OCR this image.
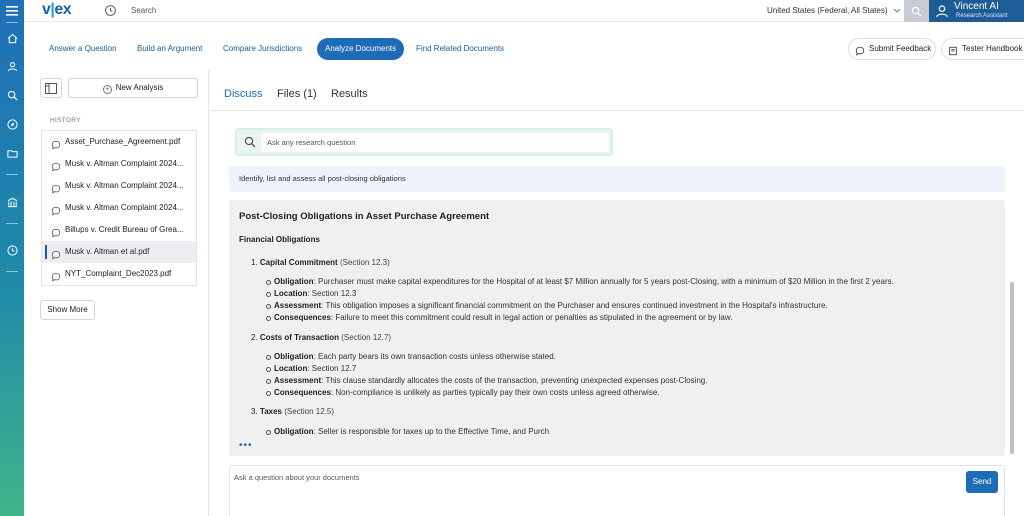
v|ex	Search	United States (Federal, All States)	Vincent AI
Research Assistant
Answer a Question	Build an Argument	Compare Jurisdictions	Analyze Documents	Find Related Documents	Submit Feedback	Tester Handbook
+ New Analysis
HISTORY
Asset_Purchase_Agreement.pdf
Musk v. Altman Complaint 2024...
Musk v. Altman Complaint 2024...
Musk v. Altman Complaint 2024...
Billups v. Credit Bureau of Grea...
Musk v. Altman et al.pdf
NYT_Complaint_Dec2023.pdf
Show More
Discuss Files (1) Results
Ask any research question
Identify, list and assess all post-closing obligations
Post-Closing Obligations in Asset Purchase Agreement
Financial Obligations
1. Capital Commitment (Section 12.3)
Obligation: Purchaser must make capital expenditures for the Hospital of at least $7 Million annually for 5 years post-Closing, with a minimum of $20 Million in the first 2 years.
Location: Section 12.3
Assessment: This obligation imposes a significant financial commitment on the Purchaser and ensures continued investment in the Hospital's infrastructure.
Consequences: Failure to meet this commitment could result in legal action or penalties as stipulated in the agreement or by law.
2. Costs of Transaction (Section 12.7)
Obligation: Each party bears its own transaction costs unless otherwise stated.
Location: Section 12.7
Assessment: This clause standardly allocates the costs of the transaction, preventing unexpected expenses post-Closing.
Consequences: Non-compliance is unlikely as parties typically pay their own costs unless agreed otherwise.
3. Taxes (Section 12.5)
Obligation: Seller is responsible for taxes up to the Effective Time, and Purch
•••
Ask a question about your documents
Send
